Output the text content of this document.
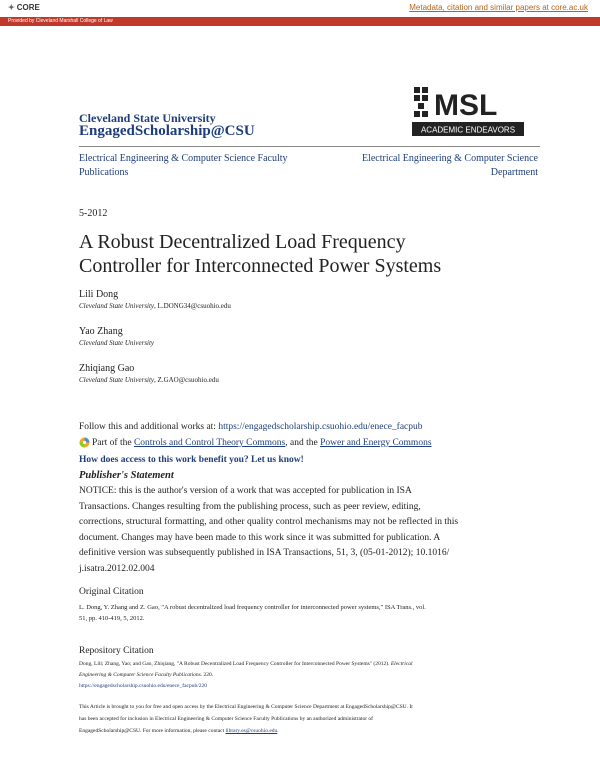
✦ CORE	Metadata, citation and similar papers at core.ac.uk
Provided by Cleveland Marshall College of Law
Cleveland State University
EngagedScholarship@CSU
MSL
ACADEMIC ENDEAVORS
Electrical Engineering & Computer Science Faculty Publications
Electrical Engineering & Computer Science Department
5-2012
A Robust Decentralized Load Frequency
Controller for Interconnected Power Systems
Lili Dong
Cleveland State University, L.DONG34@csuohio.edu
Yao Zhang
Cleveland State University
Zhiqiang Gao
Cleveland State University, Z.GAO@csuohio.edu
Follow this and additional works at: https://engagedscholarship.csuohio.edu/enece_facpub
Part of the Controls and Control Theory Commons, and the Power and Energy Commons
How does access to this work benefit you? Let us know!
Publisher's Statement
NOTICE: this is the author's version of a work that was accepted for publication in ISA
Transactions. Changes resulting from the publishing process, such as peer review, editing,
corrections, structural formatting, and other quality control mechanisms may not be reflected in this
document. Changes may have been made to this work since it was submitted for publication. A
definitive version was subsequently published in ISA Transactions, 51, 3, (05-01-2012); 10.1016/
j.isatra.2012.02.004
Original Citation
L. Dong, Y. Zhang and Z. Gao, "A robust decentralized load frequency controller for interconnected power systems," ISA Trans., vol.
51, pp. 410-419, 5, 2012.
Repository Citation
Dong, Lili; Zhang, Yao; and Gao, Zhiqiang, "A Robust Decentralized Load Frequency Controller for Interconnected Power Systems" (2012). Electrical
Engineering & Computer Science Faculty Publications. 220.
https://engagedscholarship.csuohio.edu/enece_facpub/220
This Article is brought to you for free and open access by the Electrical Engineering & Computer Science Department at EngagedScholarship@CSU. It
has been accepted for inclusion in Electrical Engineering & Computer Science Faculty Publications by an authorized administrator of
EngagedScholarship@CSU. For more information, please contact library.es@csuohio.edu.
